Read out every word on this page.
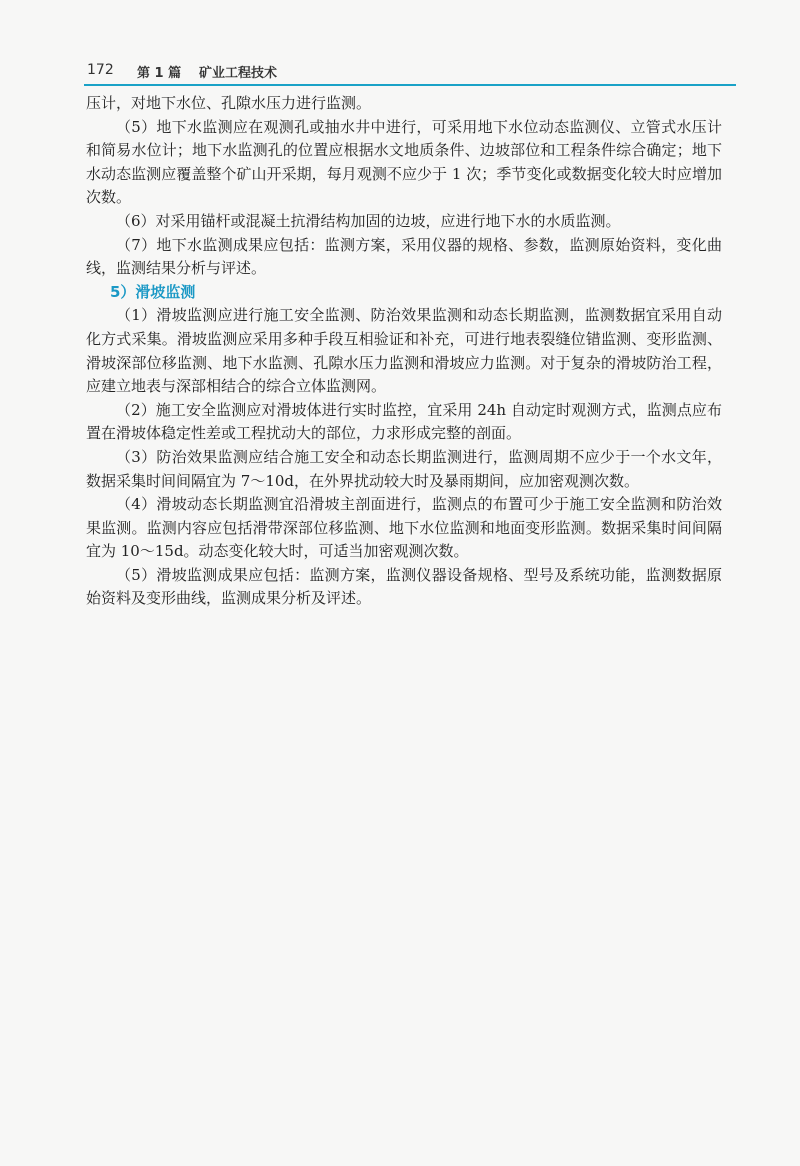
172 第 1 篇 矿业工程技术

压计，对地下水位、孔隙水压力进行监测。

（5）地下水监测应在观测孔或抽水井中进行，可采用地下水位动态监测仪、立管式水压计和简易水位计；地下水监测孔的位置应根据水文地质条件、边坡部位和工程条件综合确定；地下水动态监测应覆盖整个矿山开采期，每月观测不应少于 1 次；季节变化或数据变化较大时应增加次数。

（6）对采用锚杆或混凝土抗滑结构加固的边坡，应进行地下水的水质监测。

（7）地下水监测成果应包括：监测方案，采用仪器的规格、参数，监测原始资料，变化曲线，监测结果分析与评述。

5）滑坡监测

（1）滑坡监测应进行施工安全监测、防治效果监测和动态长期监测，监测数据宜采用自动化方式采集。滑坡监测应采用多种手段互相验证和补充，可进行地表裂缝位错监测、变形监测、滑坡深部位移监测、地下水监测、孔隙水压力监测和滑坡应力监测。对于复杂的滑坡防治工程，应建立地表与深部相结合的综合立体监测网。

（2）施工安全监测应对滑坡体进行实时监控，宜采用 24h 自动定时观测方式，监测点应布置在滑坡体稳定性差或工程扰动大的部位，力求形成完整的剖面。

（3）防治效果监测应结合施工安全和动态长期监测进行，监测周期不应少于一个水文年，数据采集时间间隔宜为 7～10d，在外界扰动较大时及暴雨期间，应加密观测次数。

（4）滑坡动态长期监测宜沿滑坡主剖面进行，监测点的布置可少于施工安全监测和防治效果监测。监测内容应包括滑带深部位移监测、地下水位监测和地面变形监测。数据采集时间间隔宜为 10～15d。动态变化较大时，可适当加密观测次数。

（5）滑坡监测成果应包括：监测方案，监测仪器设备规格、型号及系统功能，监测数据原始资料及变形曲线，监测成果分析及评述。
